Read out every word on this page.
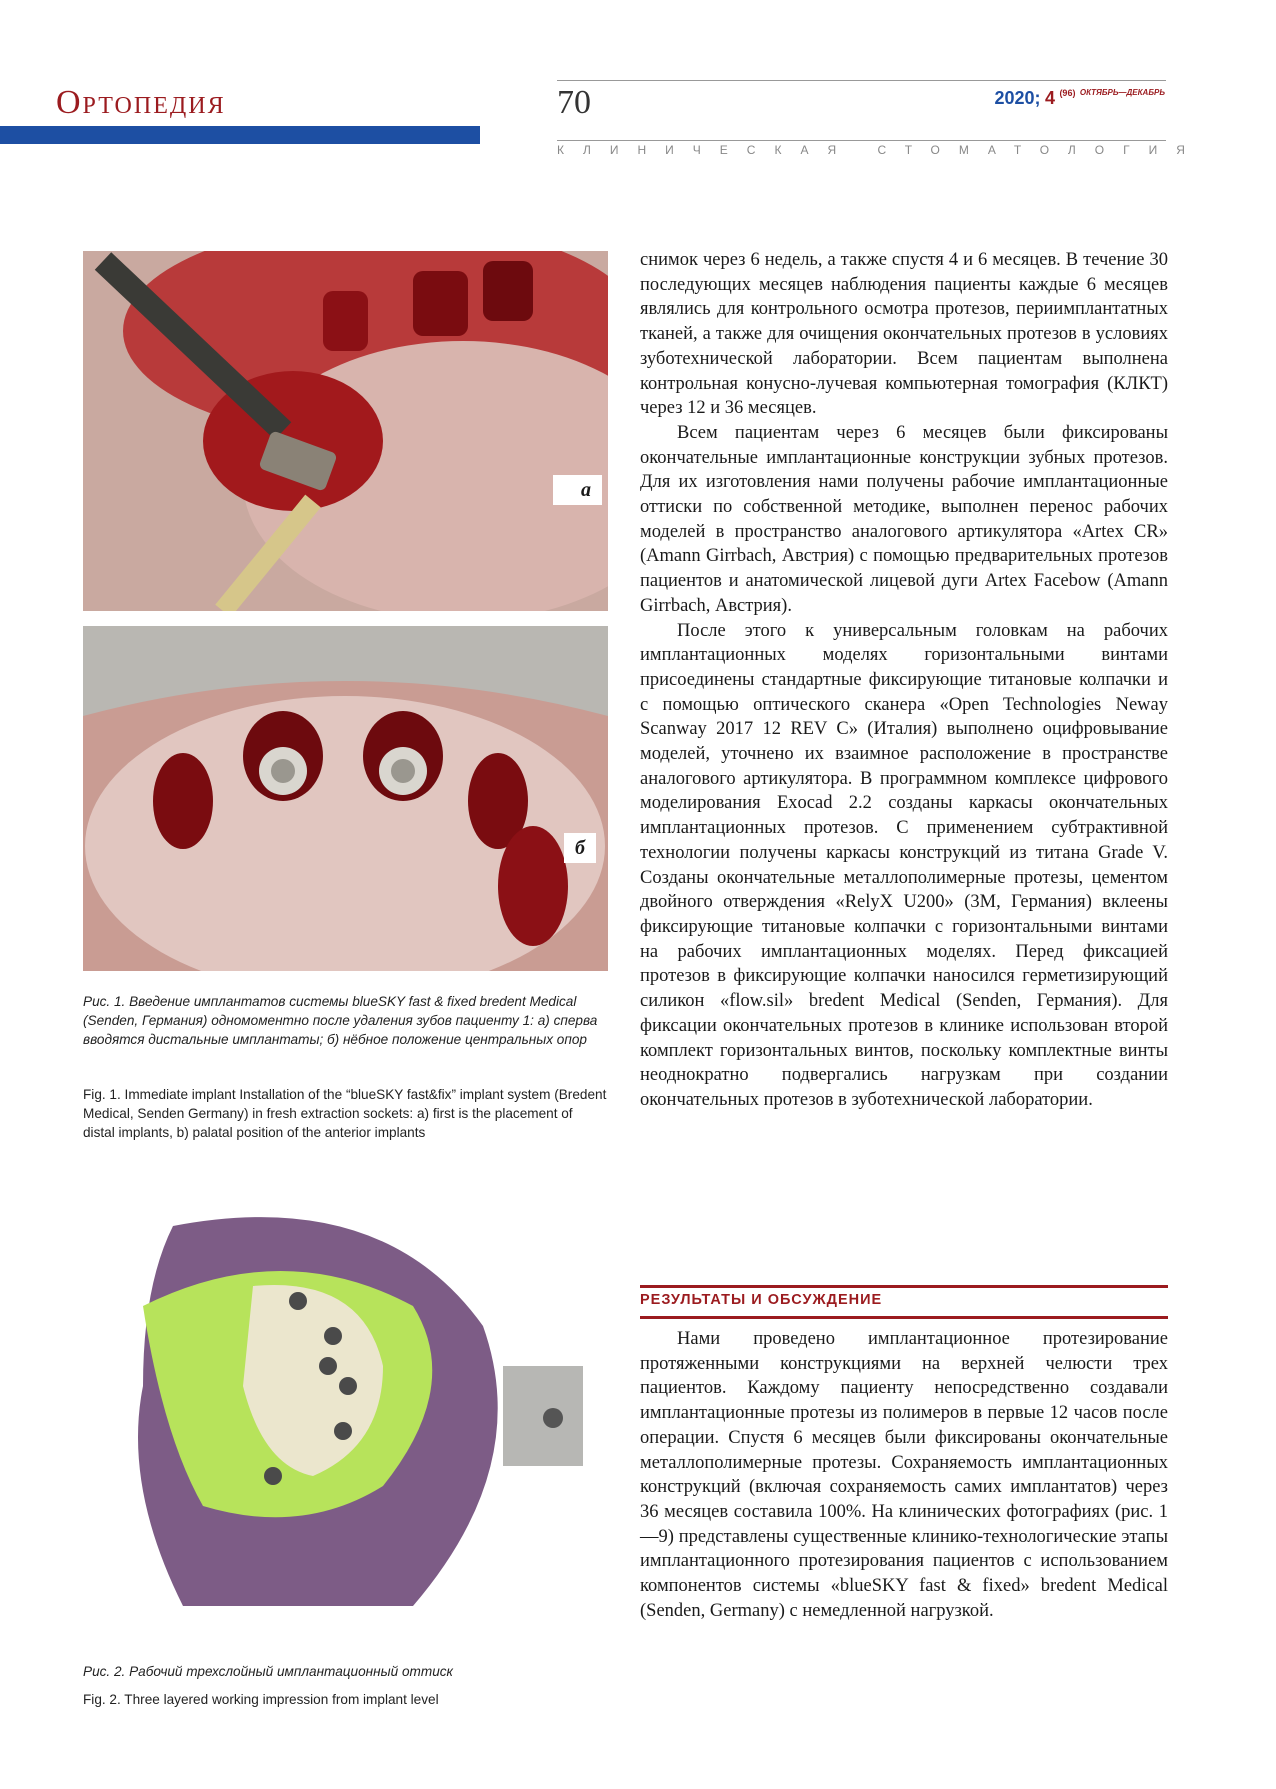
Ортопедия	70	2020; 4 $^{(96)}$ $^{ОКТЯБРЬ—ДЕКАБРЬ}$
КЛИНИЧЕСКАЯ СТОМАТОЛОГИЯ
а
б
Рис. 1. Введение имплантатов системы blueSKY fast & fixed bredent Medical (Senden, Германия) одномоментно после удаления зубов пациенту 1: а) сперва вводятся дистальные имплантаты; б) нёбное положение центральных опор
Fig. 1. Immediate implant Installation of the “blueSKY fast&fix” implant system (Bredent Medical, Senden Germany) in fresh extraction sockets: a) first is the placement of distal implants, b) palatal position of the anterior implants
Рис. 2. Рабочий трехслойный имплантационный оттиск
Fig. 2. Three layered working impression from implant level

снимок через 6 недель, а также спустя 4 и 6 месяцев. В течение 30 последующих месяцев наблюдения пациенты каждые 6 месяцев являлись для контрольного осмотра протезов, периимплантатных тканей, а также для очищения окончательных протезов в условиях зуботехнической лаборатории. Всем пациентам выполнена контрольная конусно-лучевая компьютерная томография (КЛКТ) через 12 и 36 месяцев.

Всем пациентам через 6 месяцев были фиксированы окончательные имплантационные конструкции зубных протезов. Для их изготовления нами получены рабочие имплантационные оттиски по собственной методике, выполнен перенос рабочих моделей в пространство аналогового артикулятора «Artex CR» (Amann Girrbach, Австрия) с помощью предварительных протезов пациентов и анатомической лицевой дуги Artex Facebow (Amann Girrbach, Австрия).

После этого к универсальным головкам на рабочих имплантационных моделях горизонтальными винтами присоединены стандартные фиксирующие титановые колпачки и с помощью оптического сканера «Open Technologies Neway Scanway 2017 12 REV C» (Италия) выполнено оцифровывание моделей, уточнено их взаимное расположение в пространстве аналогового артикулятора. В программном комплексе цифрового моделирования Exocad 2.2 созданы каркасы окончательных имплантационных протезов. С применением субтрактивной технологии получены каркасы конструкций из титана Grade V. Созданы окончательные металлополимерные протезы, цементом двойного отверждения «RelyX U200» (3M, Германия) вклеены фиксирующие титановые колпачки с горизонтальными винтами на рабочих имплантационных моделях. Перед фиксацией протезов в фиксирующие колпачки наносился герметизирующий силикон «flow.sil» bredent Medical (Senden, Германия). Для фиксации окончательных протезов в клинике использован второй комплект горизонтальных винтов, поскольку комплектные винты неоднократно подвергались нагрузкам при создании окончательных протезов в зуботехнической лаборатории.

РЕЗУЛЬТАТЫ И ОБСУЖДЕНИЕ

Нами проведено имплантационное протезирование протяженными конструкциями на верхней челюсти трех пациентов. Каждому пациенту непосредственно создавали имплантационные протезы из полимеров в первые 12 часов после операции. Спустя 6 месяцев были фиксированы окончательные металлополимерные протезы. Сохраняемость имплантационных конструкций (включая сохраняемость самих имплантатов) через 36 месяцев составила 100%. На клинических фотографиях (рис. 1—9) представлены существенные клинико-технологические этапы имплантационного протезирования пациентов с использованием компонентов системы «blueSKY fast & fixed» bredent Medical (Senden, Germany) с немедленной нагрузкой.
